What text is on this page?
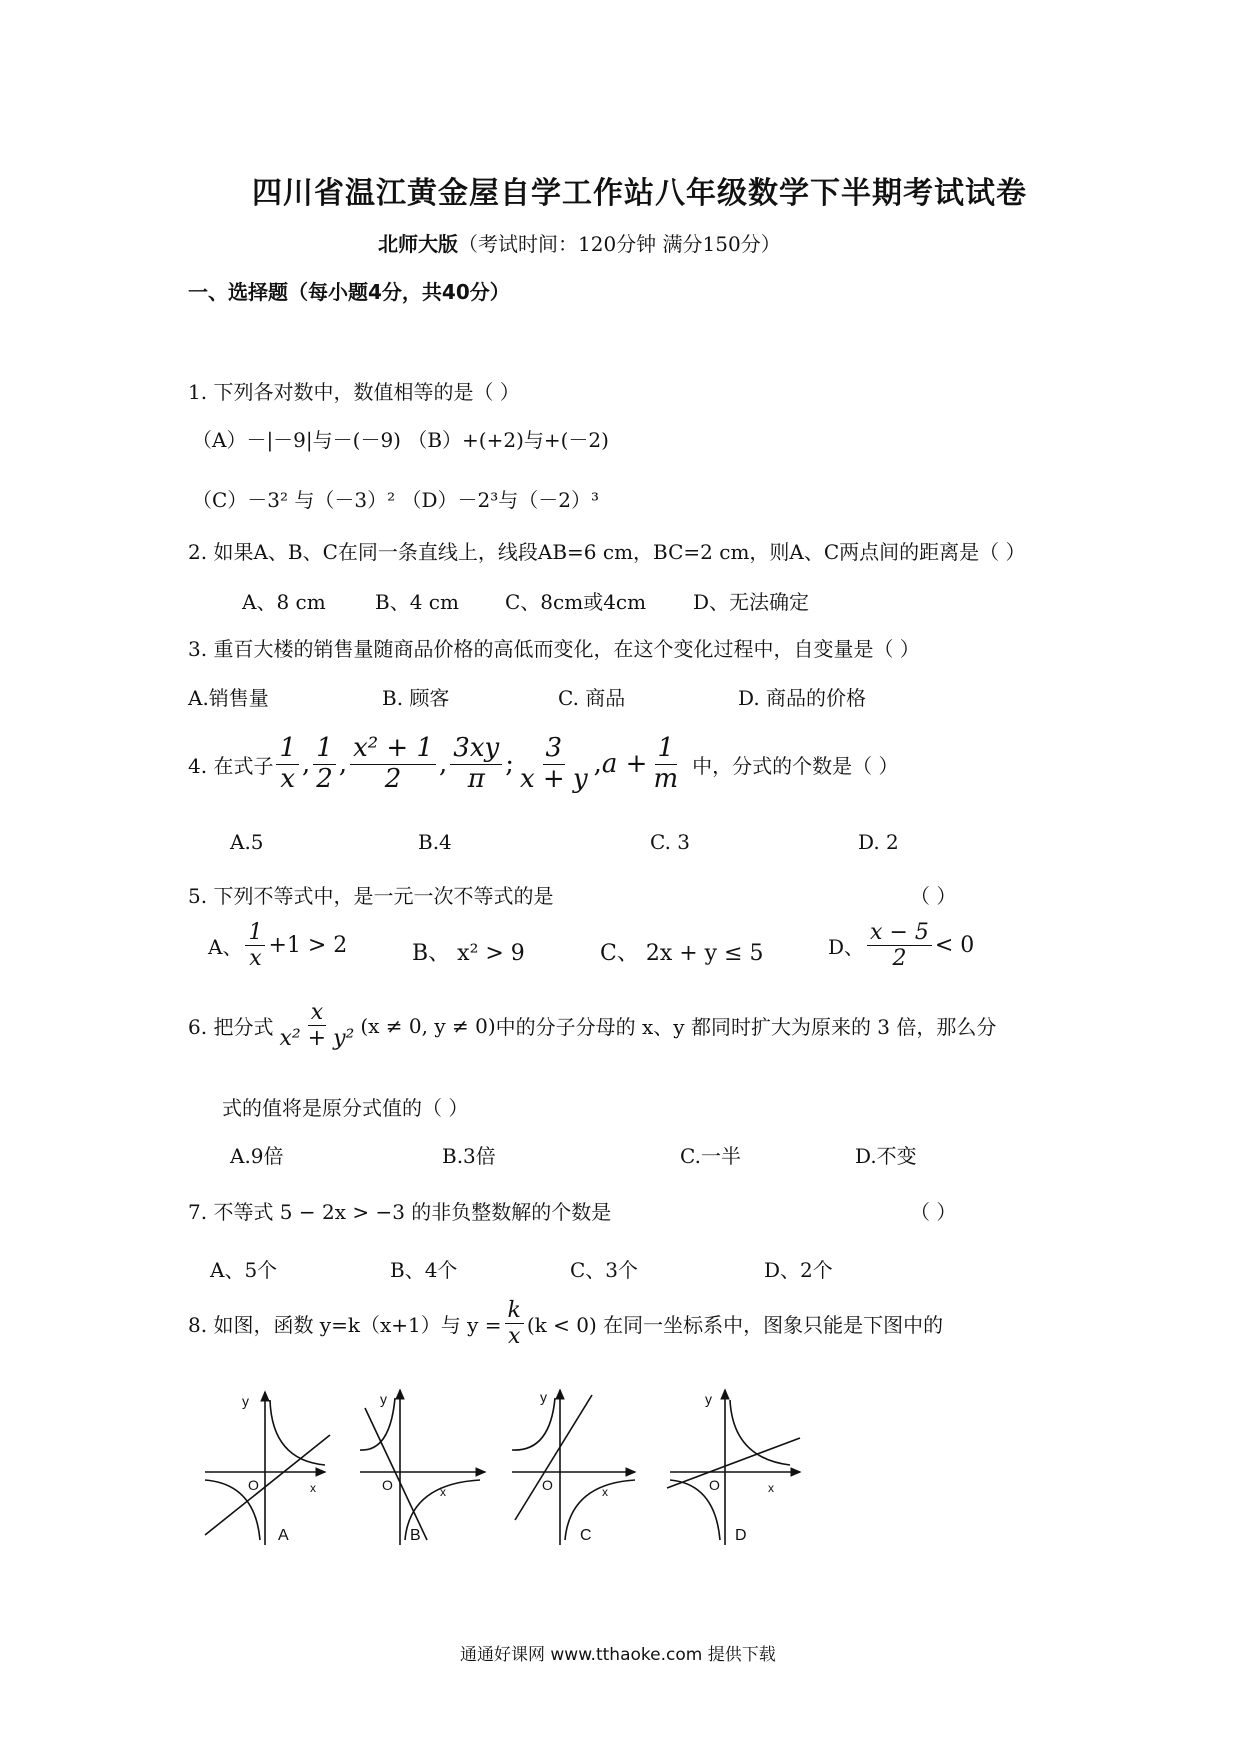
四川省温江黄金屋自学工作站八年级数学下半期考试试卷
北师大版（考试时间：120分钟 满分150分）
一、选择题（每小题4分，共40分）
1. 下列各对数中，数值相等的是（ ）
（A）－|－9|与－(－9) （B）+(+2)与+(－2)
（C）－3² 与（－3）² （D）－2³与（－2）³
2. 如果A、B、C在同一条直线上，线段AB=6 cm，BC=2 cm，则A、C两点间的距离是（ ）
A、8 cm B、4 cm C、8cm或4cm D、无法确定
3. 重百大楼的销售量随商品价格的高低而变化，在这个变化过程中，自变量是（ ）
A.销售量	B. 顾客	C. 商品	D. 商品的价格
4. 在式子 $\frac{1}{x}$ , $\frac{1}{2}$ , $\frac{\text{x² + 1}}{2}$ , $\frac{3xy}{\pi}$ ; $\frac{3}{x + y}$ , $a + \frac{1}{m}$ 中，分式的个数是（ ）
A.5	B.4	C. 3	D. 2
5. 下列不等式中，是一元一次不等式的是	（ ）
A、 $\frac{1}{x} +1 > 2$	B、 x² > 9	C、 2x + y ≤ 5	D、 $\frac{x - 5}{2} < 0$
6. 把分式 $\frac{x}{\text{x² + y²}} (x \ne 0$, y ≠ 0) 中的分子分母的 x、y 都同时扩大为原来的 3 倍，那么分
式的值将是原分式值的（ ）
A.9倍	B.3倍	C.一半	D.不变
7. 不等式 5 − 2x > −3 的非负整数解的个数是	（ ）
A、5个	B、4个	C、3个	D、2个
8. 如图，函数 y=k（x+1）与 $y = \frac{k}{x} (k < 0)$ 在同一坐标系中，图象只能是下图中的
y
O	x
A
y
O	x
B
y
O	x
C
y
O	x
D
通通好课网 www.tthaoke.com 提供下载
